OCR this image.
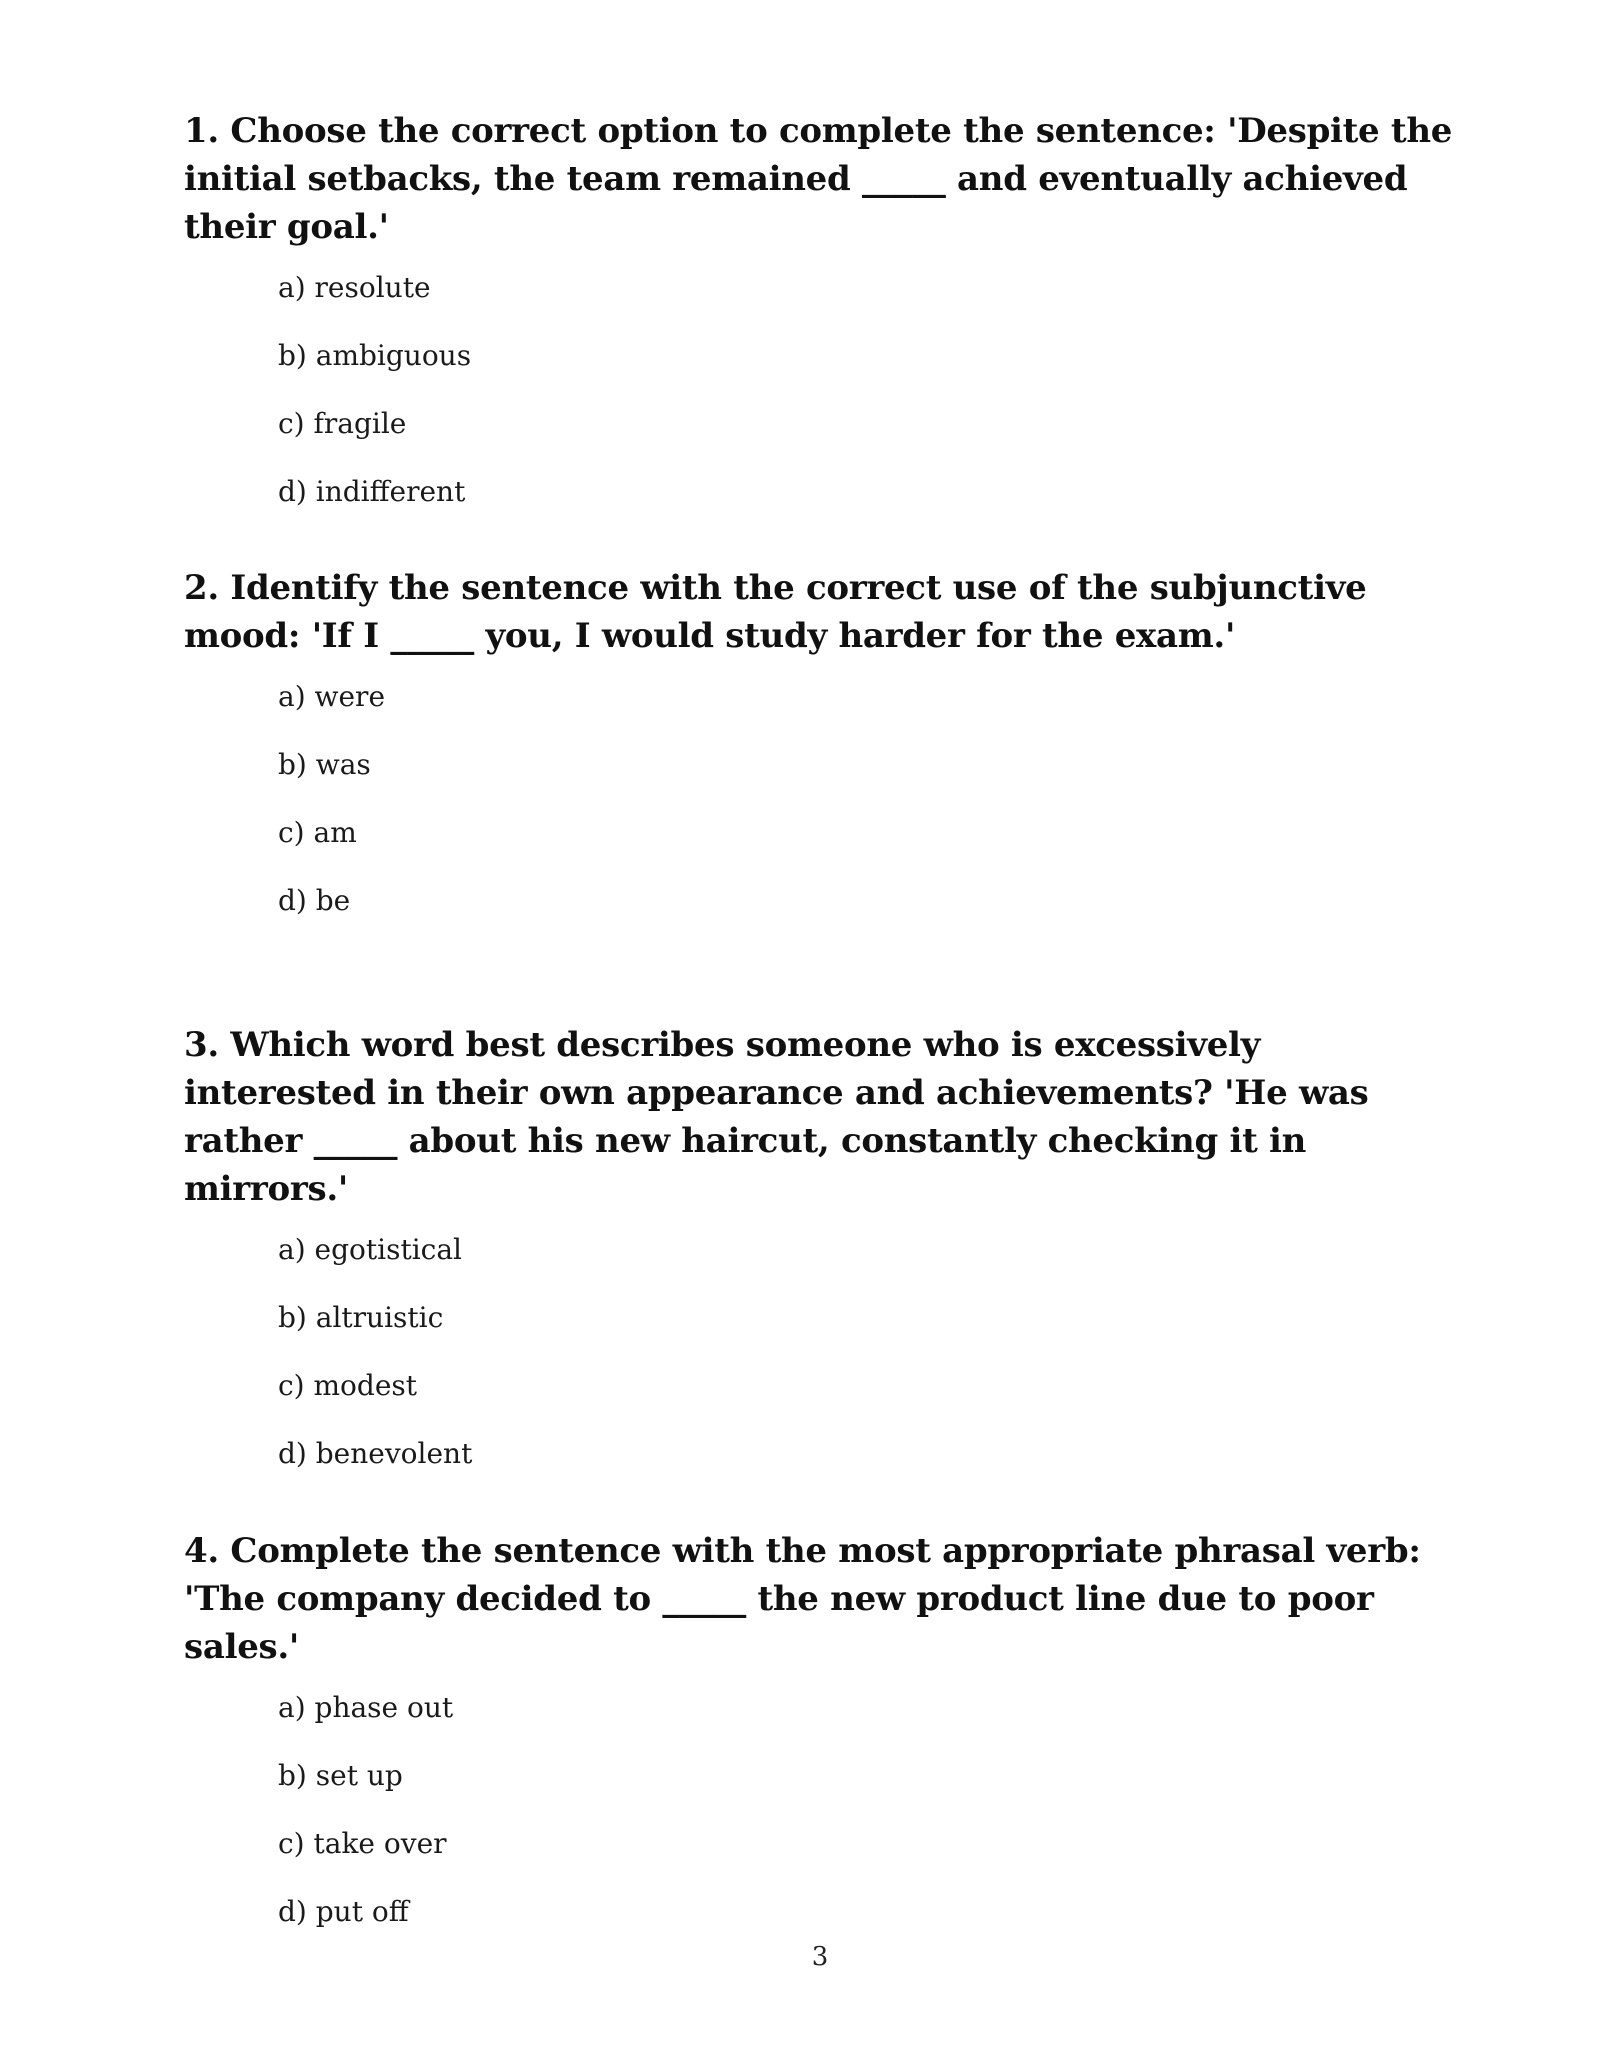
1. Choose the correct option to complete the sentence: 'Despite the initial setbacks, the team remained _____ and eventually achieved their goal.'

a) resolute
b) ambiguous
c) fragile
d) indifferent

2. Identify the sentence with the correct use of the subjunctive mood: 'If I _____ you, I would study harder for the exam.'

a) were
b) was
c) am
d) be

3. Which word best describes someone who is excessively interested in their own appearance and achievements? 'He was rather _____ about his new haircut, constantly checking it in mirrors.'

a) egotistical
b) altruistic
c) modest
d) benevolent

4. Complete the sentence with the most appropriate phrasal verb: 'The company decided to _____ the new product line due to poor sales.'

a) phase out
b) set up
c) take over
d) put off
3
